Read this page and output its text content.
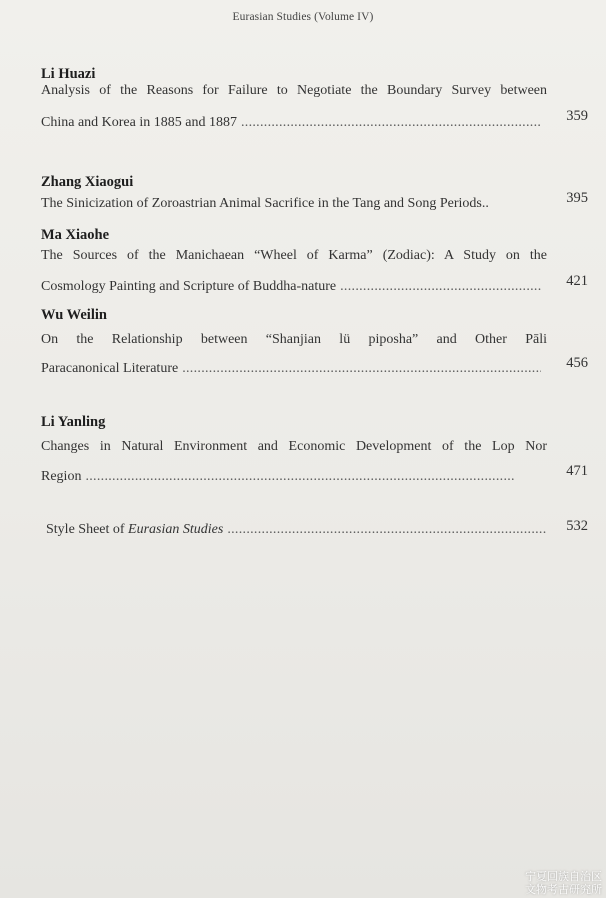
Eurasian Studies (Volume IV)
Li Huazi
Analysis of the Reasons for Failure to Negotiate the Boundary Survey between
China and Korea in 1885 and 1887 . . .	359
Zhang Xiaogui
The Sinicization of Zoroastrian Animal Sacrifice in the Tang and Song Periods..	395
Ma Xiaohe
The Sources of the Manichaean “Wheel of Karma” (Zodiac): A Study on the
Cosmology Painting and Scripture of Buddha-nature . . .	421
Wu Weilin
On the Relationship between “Shanjian lü piposha” and Other Pāli
Paracanonical Literature . . .	456
Li Yanling
Changes in Natural Environment and Economic Development of the Lop Nor
Region . . .	471
Style Sheet of Eurasian Studies . . .	532
宁夏回族自治区
文物考古研究所
